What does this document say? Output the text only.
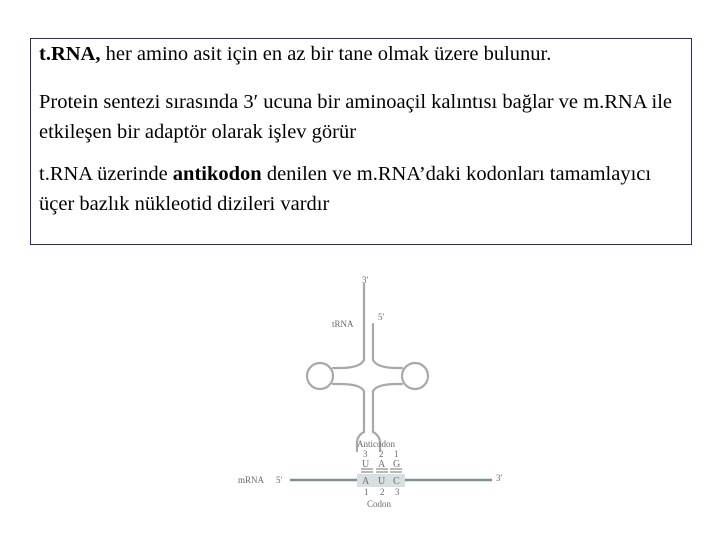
t.RNA, her amino asit için en az bir tane olmak üzere bulunur.

Protein sentezi sırasında 3′ ucuna bir aminoaçil kalıntısı bağlar ve m.RNA ile etkileşen bir adaptör olarak işlev görür

t.RNA üzerinde antikodon denilen ve m.RNA’daki kodonları tamamlayıcı üçer bazlık nükleotid dizileri vardır

3′
5′
tRNA
Anticodon
3 2 1
U A G
A U C
1 2 3
Codon
mRNA 5′	3′
